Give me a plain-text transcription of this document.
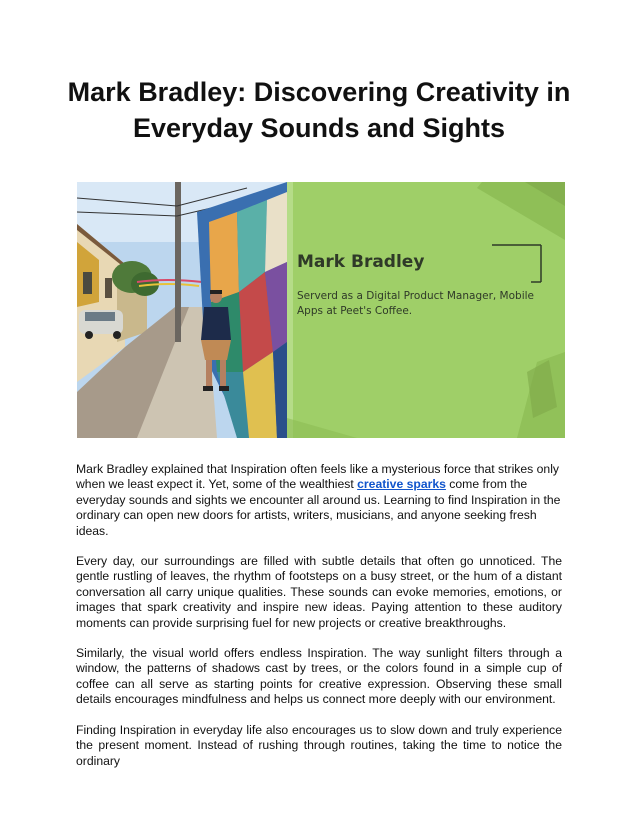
Mark Bradley: Discovering Creativity in Everyday Sounds and Sights
Mark Bradley
Serverd as a Digital Product Manager, Mobile Apps at Peet's Coffee.

Mark Bradley explained that Inspiration often feels like a mysterious force that strikes only when we least expect it. Yet, some of the wealthiest creative sparks come from the everyday sounds and sights we encounter all around us. Learning to find Inspiration in the ordinary can open new doors for artists, writers, musicians, and anyone seeking fresh ideas.

Every day, our surroundings are filled with subtle details that often go unnoticed. The gentle rustling of leaves, the rhythm of footsteps on a busy street, or the hum of a distant conversation all carry unique qualities. These sounds can evoke memories, emotions, or images that spark creativity and inspire new ideas. Paying attention to these auditory moments can provide surprising fuel for new projects or creative breakthroughs.

Similarly, the visual world offers endless Inspiration. The way sunlight filters through a window, the patterns of shadows cast by trees, or the colors found in a simple cup of coffee can all serve as starting points for creative expression. Observing these small details encourages mindfulness and helps us connect more deeply with our environment.

Finding Inspiration in everyday life also encourages us to slow down and truly experience the present moment. Instead of rushing through routines, taking the time to notice the ordinary
